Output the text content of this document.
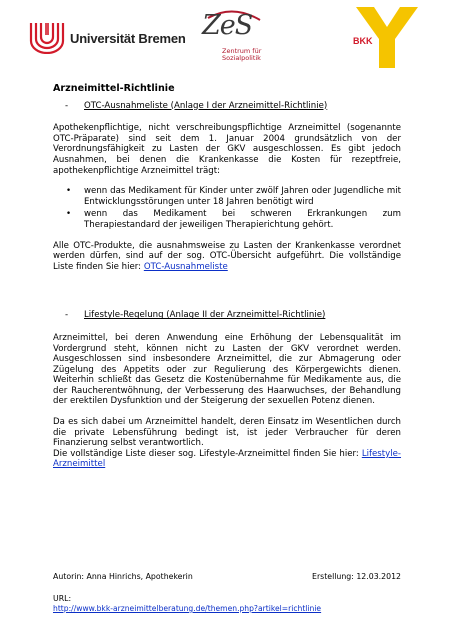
Universität Bremen ZeS
Zentrum für
Sozialpolitik
BKK
Arzneimittel-Richtlinie
-	OTC-Ausnahmeliste (Anlage I der Arzneimittel-Richtlinie)

Apothekenpflichtige, nicht verschreibungspflichtige Arzneimittel (sogenannte OTC-Präparate) sind seit dem 1. Januar 2004 grundsätzlich von der Verordnungsfähigkeit zu Lasten der GKV ausgeschlossen. Es gibt jedoch Ausnahmen, bei denen die Krankenkasse die Kosten für rezeptfreie, apothekenpflichtige Arzneimittel trägt:

•	wenn das Medikament für Kinder unter zwölf Jahren oder Jugendliche mit Entwicklungsstörungen unter 18 Jahren benötigt wird
•	wenn das Medikament bei schweren Erkrankungen zum Therapiestandard der jeweiligen Therapierichtung gehört.

Alle OTC-Produkte, die ausnahmsweise zu Lasten der Krankenkasse verordnet werden dürfen, sind auf der sog. OTC-Übersicht aufgeführt. Die vollständige Liste finden Sie hier: OTC-Ausnahmeliste

-	Lifestyle-Regelung (Anlage II der Arzneimittel-Richtlinie)

Arzneimittel, bei deren Anwendung eine Erhöhung der Lebensqualität im Vordergrund steht, können nicht zu Lasten der GKV verordnet werden. Ausgeschlossen sind insbesondere Arzneimittel, die zur Abmagerung oder Zügelung des Appetits oder zur Regulierung des Körpergewichts dienen. Weiterhin schließt das Gesetz die Kostenübernahme für Medikamente aus, die der Raucherentwöhnung, der Verbesserung des Haarwuchses, der Behandlung der erektilen Dysfunktion und der Steigerung der sexuellen Potenz dienen.

Da es sich dabei um Arzneimittel handelt, deren Einsatz im Wesentlichen durch die private Lebensführung bedingt ist, ist jeder Verbraucher für deren Finanzierung selbst verantwortlich.

Die vollständige Liste dieser sog. Lifestyle-Arzneimittel finden Sie hier: Lifestyle-Arzneimittel

Autorin: Anna Hinrichs, Apothekerin	Erstellung: 12.03.2012
URL:
http://www.bkk-arzneimittelberatung.de/themen.php?artikel=richtlinie
